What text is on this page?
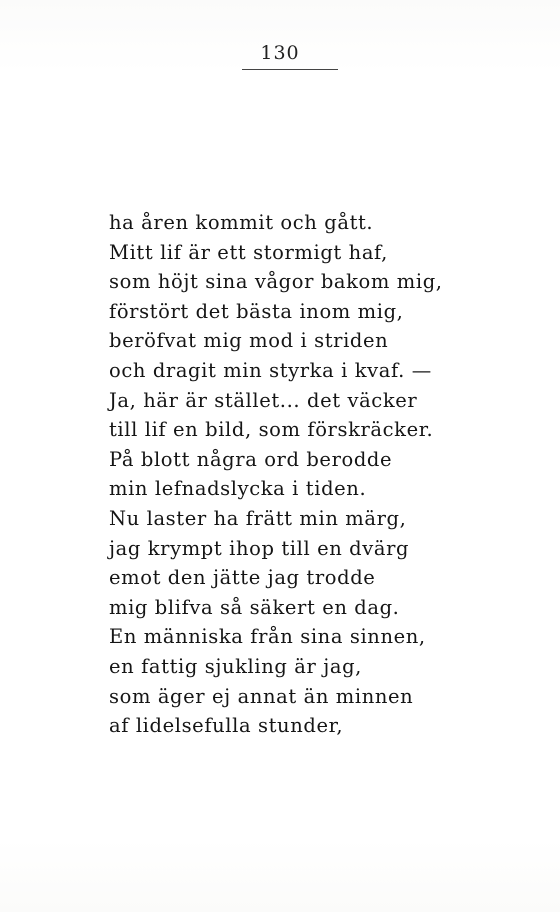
130
ha åren kommit och gått.
Mitt lif är ett stormigt haf,
som höjt sina vågor bakom mig,
förstört det bästa inom mig,
beröfvat mig mod i striden
och dragit min styrka i kvaf. —
Ja, här är stället... det väcker
till lif en bild, som förskräcker.
På blott några ord berodde
min lefnadslycka i tiden.
Nu laster ha frätt min märg,
jag krympt ihop till en dvärg
emot den jätte jag trodde
mig blifva så säkert en dag.
En människa från sina sinnen,
en fattig sjukling är jag,
som äger ej annat än minnen
af lidelsefulla stunder,
